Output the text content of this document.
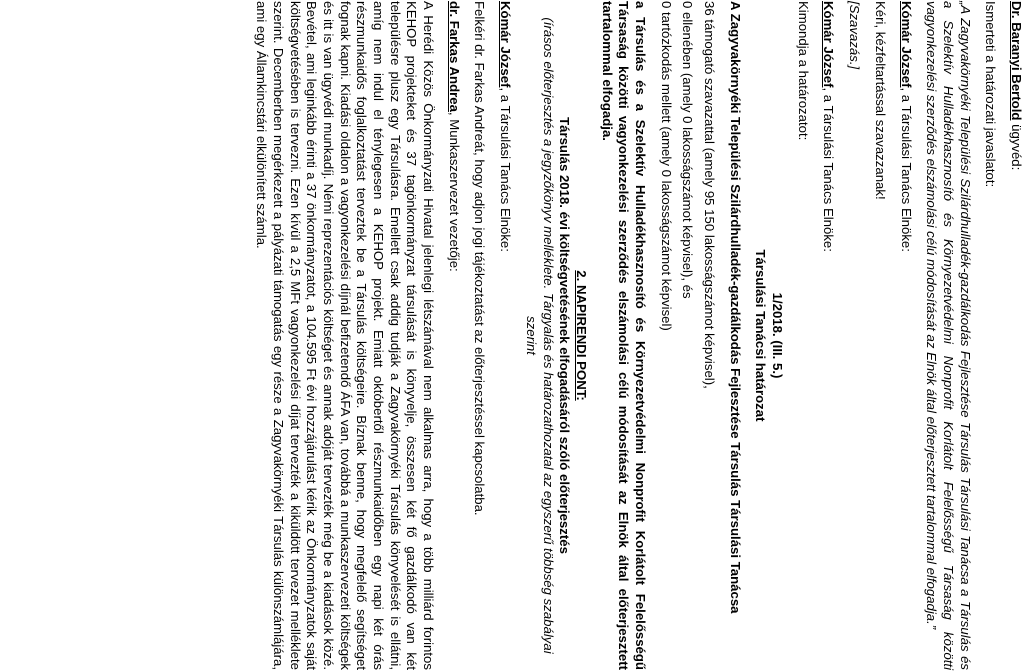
Dr. Baranyi Bertold ügyvéd:

Ismerteti a határozati javaslatot:

„A Zagyvakörnyéki Települési Szilárdhulladék-gazdálkodás Fejlesztése Társulás Társulási Tanácsa a Társulás és a Szelektív Hulladékhasznosító és Környezetvédelmi Nonprofit Korlátolt Felelősségű Társaság közötti vagyonkezelési szerződés elszámolási célú módosítását az Elnök által előterjesztett tartalommal elfogadja.”

Kómár József, a Társulási Tanács Elnöke:

Kéri, kézfeltartással szavazzanak!

[Szavazás.]

Kómár József, a Társulási Tanács Elnöke:

Kimondja a határozatot:

1/2018. (III. 5.)

Társulási Tanácsi határozat

A Zagyvakörnyéki Települési Szilárdhulladék-gazdálkodás Fejlesztése Társulás Társulási Tanácsa

36 támogató szavazattal (amely 95 150 lakosságszámot képvisel),

0 ellenében (amely 0 lakosságszámot képvisel), és

0 tartózkodás mellett (amely 0 lakosságszámot képvisel)

a Társulás és a Szelektív Hulladékhasznosító és Környezetvédelmi Nonprofit Korlátolt Felelősségű Társaság közötti vagyonkezelési szerződés elszámolási célú módosítását az Elnök által előterjesztett tartalommal elfogadja.

2. NAPIRENDI PONT:

Társulás 2018. évi költségvetésének elfogadásáról szóló előterjesztés

(írásos előterjesztés a jegyzőkönyv melléklete. Tárgyalás és határozathozatal az egyszerű többség szabályai szerint

Kómár József, a Társulási Tanács Elnöke:

Felkéri dr. Farkas Andreát, hogy adjon jogi tájékoztatást az előterjesztéssel kapcsolatba.

dr. Farkas Andrea, Munkaszervezet vezetője:

A Herédi Közös Önkormányzati Hivatal jelenlegi létszámával nem alkalmas arra, hogy a több milliárd forintos KEHOP projekteket és 37 tagönkormányzat társulását is könyvelje, összesen két fő gazdálkodó van két településre plusz egy Társulásra. Emellett csak addig tudják a Zagyvakörnyéki Társulás könyvelését is ellátni, amíg nem indul el ténylegesen a KEHOP projekt. Emiatt októbertől részmunkaidőben egy napi két órás részmunkaidős foglalkoztatást terveztek be a Társulás költségeire. Bíznak benne, hogy megfelelő segítséget fognak kapni. Kiadási oldalon a vagyonkezelési díjnál befizetendő ÁFA van, továbbá a munkaszervezeti költségek és itt is van ügyvédi munkadíj. Némi reprezentációs költséget és annak adóját tervezték még be a kiadások közé. Bevétel, ami leginkább érinti a 37 önkormányzatot, a 104.595 Ft évi hozzájárulást kérik az Önkormányzatok saját költségvetésében is tervezni. Ezen kívül a 2,5 MFt vagyonkezelési díjat tervezték a kiküldött tervezet melléklete szerint. Decemberben megérkezett a pályázati támogatás egy része a Zagyvakörnyéki Társulás különszámlájára, ami egy Államkincstári elkülönített számla.
